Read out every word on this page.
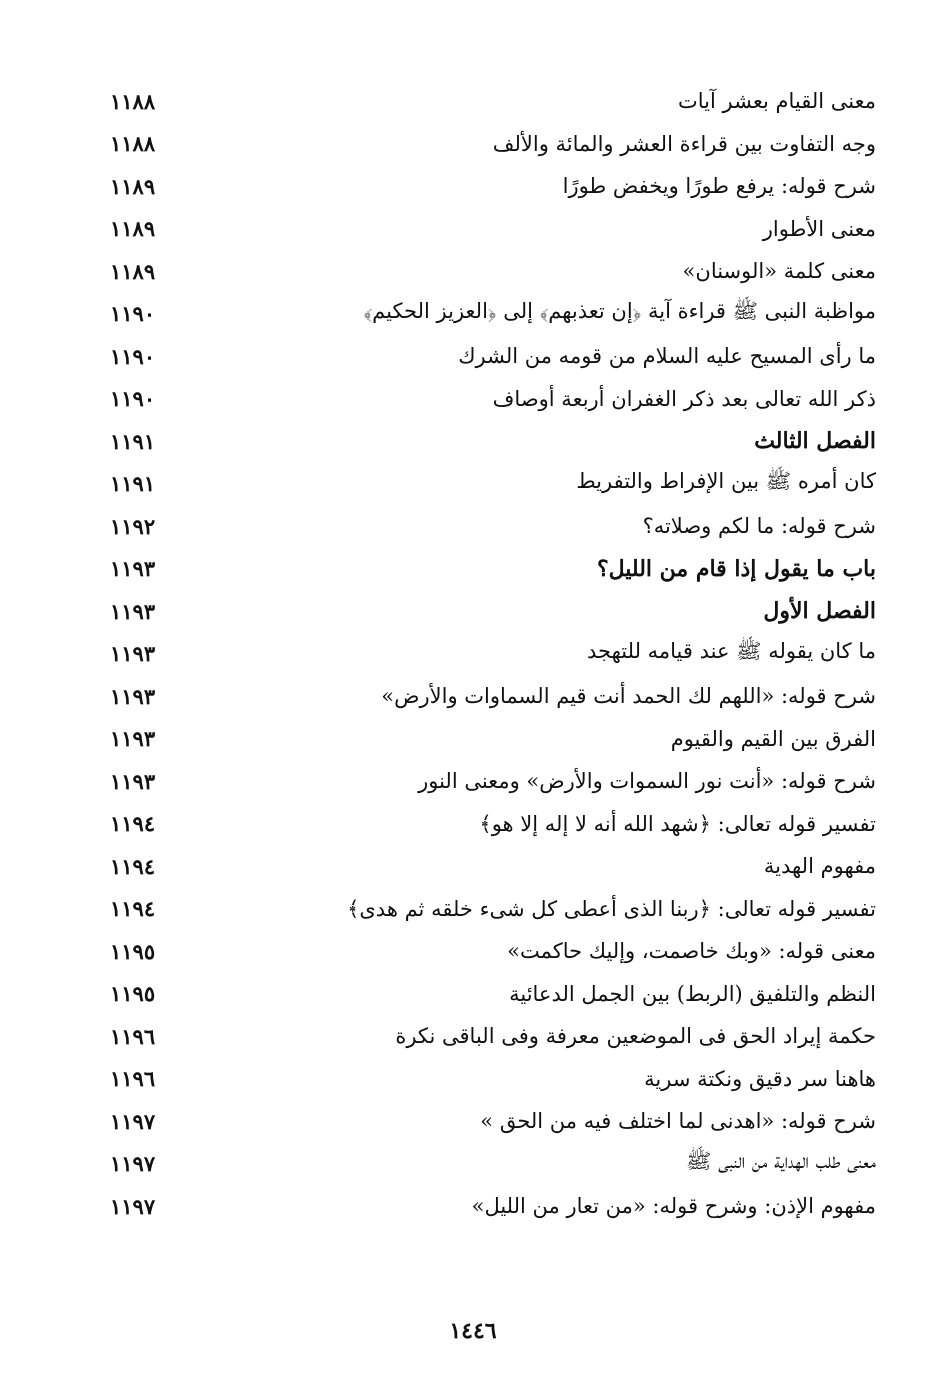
معنى القيام بعشر آيات
١١٨٨
وجه التفاوت بين قراءة العشر والمائة والألف
١١٨٨
شرح قوله: يرفع طورًا ويخفض طورًا
١١٨٩
معنى الأطوار
١١٨٩
معنى كلمة «الوسنان»
١١٨٩
مواظبة النبى ﷺ قراءة آية ﴿إن تعذبهم﴾ إلى ﴿العزيز الحكيم﴾
١١٩٠
ما رأى المسيح عليه السلام من قومه من الشرك
١١٩٠
ذكر الله تعالى بعد ذكر الغفران أربعة أوصاف
١١٩٠
الفصل الثالث
١١٩١
كان أمره ﷺ بين الإفراط والتفريط
١١٩١
شرح قوله: ما لكم وصلاته؟
١١٩٢
باب ما يقول إذا قام من الليل؟
١١٩٣
الفصل الأول
١١٩٣
ما كان يقوله ﷺ عند قيامه للتهجد
١١٩٣
شرح قوله: «اللهم لك الحمد أنت قيم السماوات والأرض»
١١٩٣
الفرق بين القيم والقيوم
١١٩٣
شرح قوله: «أنت نور السموات والأرض» ومعنى النور
١١٩٣
تفسير قوله تعالى: ﴿شهد الله أنه لا إله إلا هو﴾
١١٩٤
مفهوم الهدية
١١٩٤
تفسير قوله تعالى: ﴿ربنا الذى أعطى كل شىء خلقه ثم هدى﴾
١١٩٤
معنى قوله: «وبك خاصمت، وإليك حاكمت»
١١٩٥
النظم والتلفيق (الربط) بين الجمل الدعائية
١١٩٥
حكمة إيراد الحق فى الموضعين معرفة وفى الباقى نكرة
١١٩٦
هاهنا سر دقيق ونكتة سرية
١١٩٦
شرح قوله: «اهدنى لما اختلف فيه من الحق »
١١٩٧
معنى طلب الهداية من النبى ﷺ
١١٩٧
مفهوم الإذن: وشرح قوله: «من تعار من الليل»
١١٩٧
١٤٤٦
